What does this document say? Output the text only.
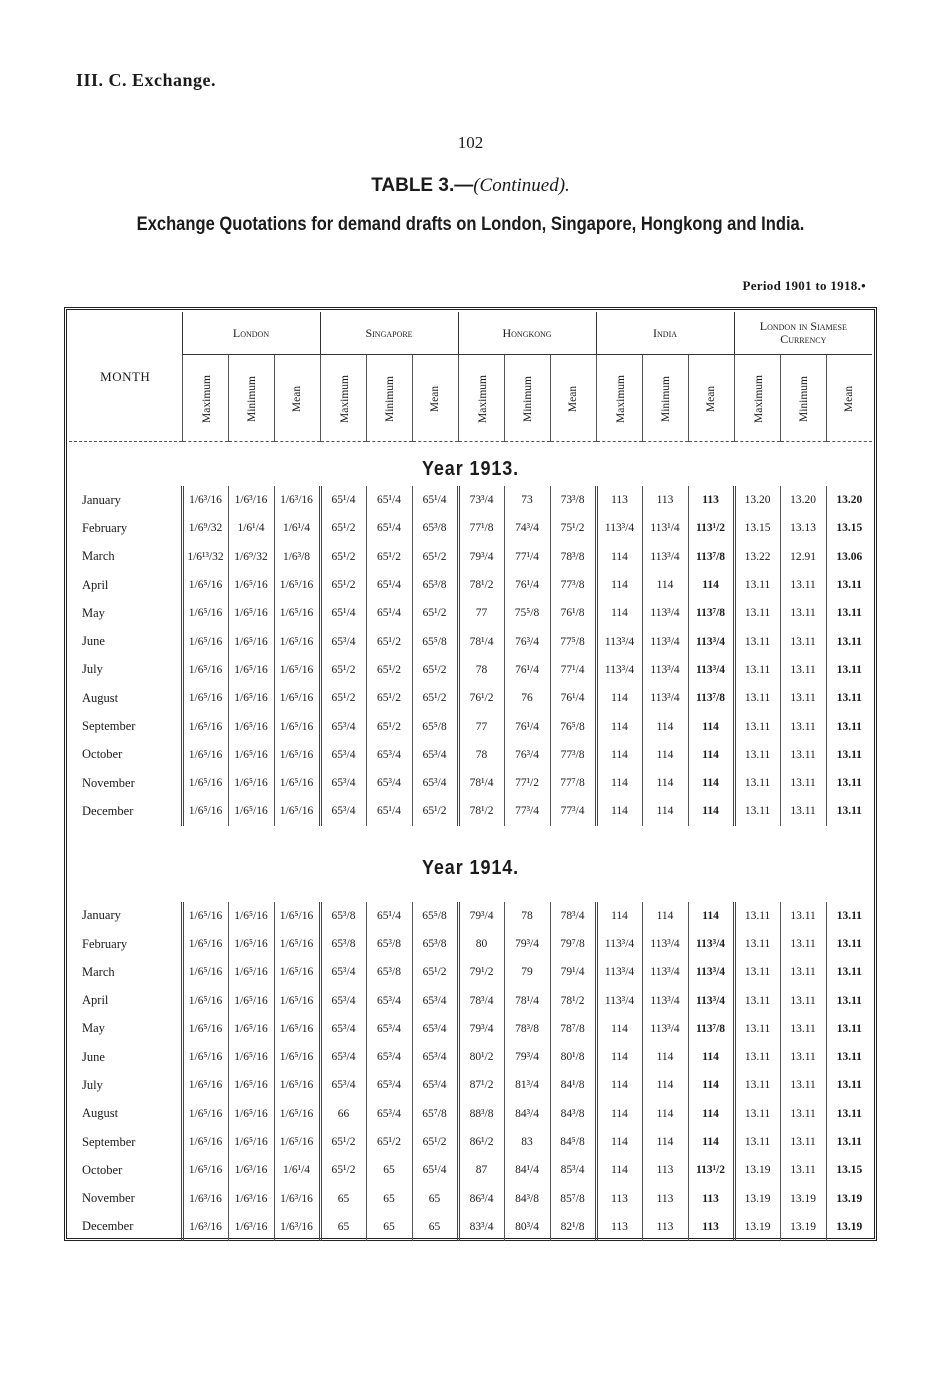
III. C. Exchange.
102
TABLE 3.—(Continued).
Exchange Quotations for demand drafts on London, Singapore, Hongkong and India.
Period 1901 to 1918.•
MONTH	London			Singapore			Hongkong			India			London in Siamese Currency		
	Maximum	Minimum	Mean	Maximum	Minimum	Mean	Maximum	Minimum	Mean	Maximum	Minimum	Mean	Maximum	Minimum	Mean

Year 1913.															
January	1/6³/16	1/6³/16	1/6³/16	65¹/4	65¹/4	65¹/4	73³/4	73	73³/8	113	113	113	13.20	13.20	13.20
February	1/6⁹/32	1/6¹/4	1/6¹/4	65¹/2	65¹/4	65³/8	77¹/8	74³/4	75¹/2	113³/4	113¹/4	113¹/2	13.15	13.13	13.15
March	1/6¹³/32	1/6⁹/32	1/6³/8	65¹/2	65¹/2	65¹/2	79³/4	77¹/4	78³/8	114	113³/4	113⁷/8	13.22	12.91	13.06
April	1/6⁵/16	1/6⁵/16	1/6⁵/16	65¹/2	65¹/4	65³/8	78¹/2	76¹/4	77³/8	114	114	114	13.11	13.11	13.11
May	1/6⁵/16	1/6⁵/16	1/6⁵/16	65¹/4	65¹/4	65¹/2	77	75⁵/8	76¹/8	114	113³/4	113⁷/8	13.11	13.11	13.11
June	1/6⁵/16	1/6⁵/16	1/6⁵/16	65³/4	65¹/2	65⁵/8	78¹/4	76³/4	77⁵/8	113³/4	113³/4	113³/4	13.11	13.11	13.11
July	1/6⁵/16	1/6⁵/16	1/6⁵/16	65¹/2	65¹/2	65¹/2	78	76¹/4	77¹/4	113³/4	113³/4	113³/4	13.11	13.11	13.11
August	1/6⁵/16	1/6⁵/16	1/6⁵/16	65¹/2	65¹/2	65¹/2	76¹/2	76	76¹/4	114	113³/4	113⁷/8	13.11	13.11	13.11
September	1/6⁵/16	1/6⁵/16	1/6⁵/16	65³/4	65¹/2	65⁵/8	77	76¹/4	76⁵/8	114	114	114	13.11	13.11	13.11
October	1/6⁵/16	1/6⁵/16	1/6⁵/16	65³/4	65³/4	65³/4	78	76³/4	77³/8	114	114	114	13.11	13.11	13.11
November	1/6⁵/16	1/6⁵/16	1/6⁵/16	65³/4	65³/4	65³/4	78¹/4	77¹/2	77⁷/8	114	114	114	13.11	13.11	13.11
December	1/6⁵/16	1/6⁵/16	1/6⁵/16	65³/4	65¹/4	65¹/2	78¹/2	77³/4	77³/4	114	114	114	13.11	13.11	13.11

Year 1914.															

January	1/6⁵/16	1/6⁵/16	1/6⁵/16	65³/8	65¹/4	65⁵/8	79³/4	78	78³/4	114	114	114	13.11	13.11	13.11
February	1/6⁵/16	1/6⁵/16	1/6⁵/16	65³/8	65³/8	65³/8	80	79³/4	79⁷/8	113³/4	113³/4	113³/4	13.11	13.11	13.11
March	1/6⁵/16	1/6⁵/16	1/6⁵/16	65³/4	65³/8	65¹/2	79¹/2	79	79¹/4	113³/4	113³/4	113³/4	13.11	13.11	13.11
April	1/6⁵/16	1/6⁵/16	1/6⁵/16	65³/4	65³/4	65³/4	78³/4	78¹/4	78¹/2	113³/4	113³/4	113³/4	13.11	13.11	13.11
May	1/6⁵/16	1/6⁵/16	1/6⁵/16	65³/4	65³/4	65³/4	79³/4	78³/8	78⁷/8	114	113³/4	113⁷/8	13.11	13.11	13.11
June	1/6⁵/16	1/6⁵/16	1/6⁵/16	65³/4	65³/4	65³/4	80¹/2	79³/4	80¹/8	114	114	114	13.11	13.11	13.11
July	1/6⁵/16	1/6⁵/16	1/6⁵/16	65³/4	65³/4	65³/4	87¹/2	81³/4	84¹/8	114	114	114	13.11	13.11	13.11
August	1/6⁵/16	1/6⁵/16	1/6⁵/16	66	65³/4	65⁷/8	88³/8	84³/4	84³/8	114	114	114	13.11	13.11	13.11
September	1/6⁵/16	1/6⁵/16	1/6⁵/16	65¹/2	65¹/2	65¹/2	86¹/2	83	84⁵/8	114	114	114	13.11	13.11	13.11
October	1/6⁵/16	1/6³/16	1/6¹/4	65¹/2	65	65¹/4	87	84¹/4	85³/4	114	113	113¹/2	13.19	13.11	13.15
November	1/6³/16	1/6³/16	1/6³/16	65	65	65	86³/4	84³/8	85⁷/8	113	113	113	13.19	13.19	13.19
December	1/6³/16	1/6³/16	1/6³/16	65	65	65	83³/4	80³/4	82¹/8	113	113	113	13.19	13.19	13.19
